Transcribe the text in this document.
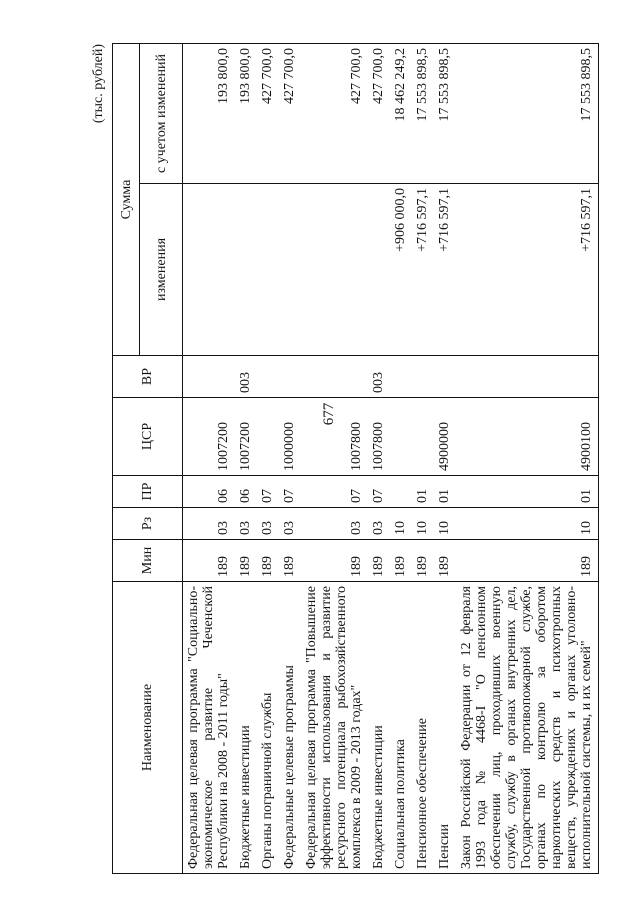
677
(тыс. рублей)
Наименование	Мин	Рз	ПР	ЦСР	ВР	Сумма	
						изменения	с учетом изменений
Федеральная целевая программа "Социально-экономическое развитие Чеченской Республики на 2008 - 2011 годы"	189	03	06	1007200			193 800,0
Бюджетные инвестиции	189	03	06	1007200	003		193 800,0
Органы пограничной службы	189	03	07				427 700,0
Федеральные целевые программы	189	03	07	1000000			427 700,0
Федеральная целевая программа "Повышение эффективности использования и развитие ресурсного потенциала рыбохозяйственного комплекса в 2009 - 2013 годах"	189	03	07	1007800			427 700,0
Бюджетные инвестиции	189	03	07	1007800	003		427 700,0
Социальная политика	189	10				+906 000,0	18 462 249,2
Пенсионное обеспечение	189	10	01			+716 597,1	17 553 898,5
Пенсии	189	10	01	4900000		+716 597,1	17 553 898,5
Закон Российской Федерации от 12 февраля 1993 года № 4468-I "О пенсионном обеспечении лиц, проходивших военную службу, службу в органах внутренних дел, Государственной противопожарной службе, органах по контролю за оборотом наркотических средств и психотропных веществ, учреждениях и органах уголовно-исполнительной системы, и их семей"	189	10	01	4900100		+716 597,1	17 553 898,5
